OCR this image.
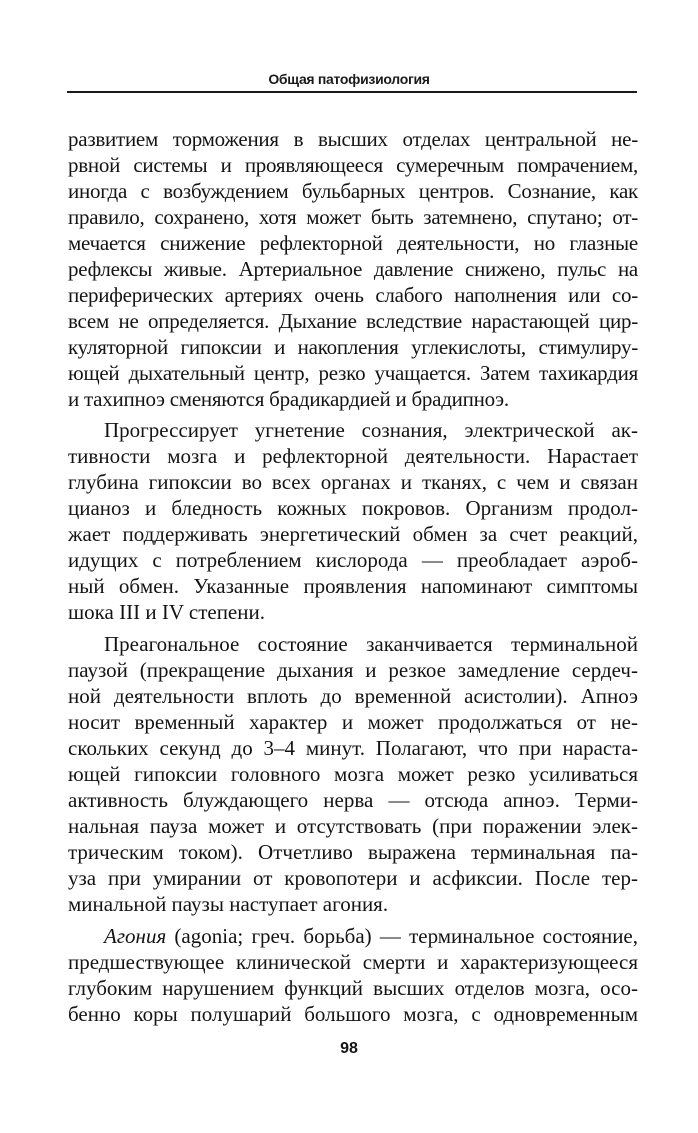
Общая патофизиология
развитием торможения в высших отделах центральной не-
рвной системы и проявляющееся сумеречным помрачением,
иногда с возбуждением бульбарных центров. Сознание, как
правило, сохранено, хотя может быть затемнено, спутано; от-
мечается снижение рефлекторной деятельности, но глазные
рефлексы живые. Артериальное давление снижено, пульс на
периферических артериях очень слабого наполнения или со-
всем не определяется. Дыхание вследствие нарастающей цир-
куляторной гипоксии и накопления углекислоты, стимулиру-
ющей дыхательный центр, резко учащается. Затем тахикардия
и тахипноэ сменяются брадикардией и брадипноэ.
Прогрессирует угнетение сознания, электрической ак-
тивности мозга и рефлекторной деятельности. Нарастает
глубина гипоксии во всех органах и тканях, с чем и связан
цианоз и бледность кожных покровов. Организм продол-
жает поддерживать энергетический обмен за счет реакций,
идущих с потреблением кислорода — преобладает аэроб-
ный обмен. Указанные проявления напоминают симптомы
шока III и IV степени.
Преагональное состояние заканчивается терминальной
паузой (прекращение дыхания и резкое замедление сердеч-
ной деятельности вплоть до временной асистолии). Апноэ
носит временный характер и может продолжаться от не-
скольких секунд до 3–4 минут. Полагают, что при нараста-
ющей гипоксии головного мозга может резко усиливаться
активность блуждающего нерва — отсюда апноэ. Терми-
нальная пауза может и отсутствовать (при поражении элек-
трическим током). Отчетливо выражена терминальная па-
уза при умирании от кровопотери и асфиксии. После тер-
минальной паузы наступает агония.
Агония (agonia; греч. борьба) — терминальное состояние,
предшествующее клинической смерти и характеризующееся
глубоким нарушением функций высших отделов мозга, осо-
бенно коры полушарий большого мозга, с одновременным
98
